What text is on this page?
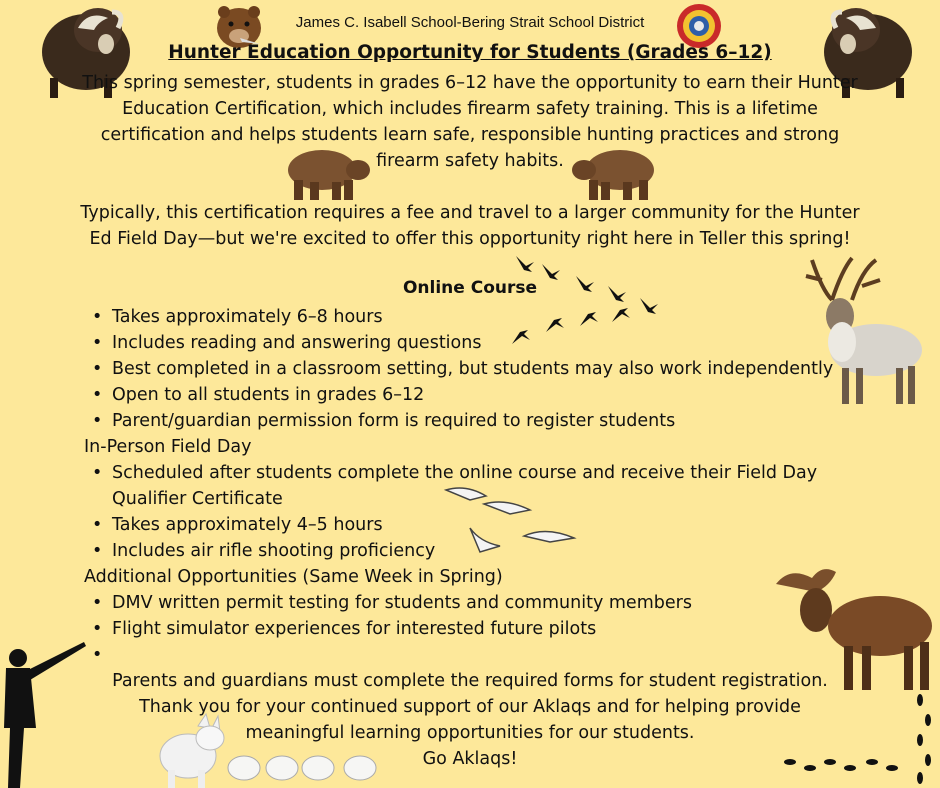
James C. Isabell School-Bering Strait School District
Hunter Education Opportunity for Students (Grades 6–12)
This spring semester, students in grades 6–12 have the opportunity to earn their Hunter Education Certification, which includes firearm safety training. This is a lifetime certification and helps students learn safe, responsible hunting practices and strong firearm safety habits.
Typically, this certification requires a fee and travel to a larger community for the Hunter Ed Field Day—but we're excited to offer this opportunity right here in Teller this spring!
Online Course
• Takes approximately 6–8 hours
• Includes reading and answering questions
• Best completed in a classroom setting, but students may also work independently
• Open to all students in grades 6–12
• Parent/guardian permission form is required to register students
In-Person Field Day
• Scheduled after students complete the online course and receive their Field Day Qualifier Certificate
• Takes approximately 4–5 hours
• Includes air rifle shooting proficiency
Additional Opportunities (Same Week in Spring)
• DMV written permit testing for students and community members
• Flight simulator experiences for interested future pilots
•
Parents and guardians must complete the required forms for student registration.
Thank you for your continued support of our Aklaqs and for helping provide meaningful learning opportunities for our students.
Go Aklaqs!
